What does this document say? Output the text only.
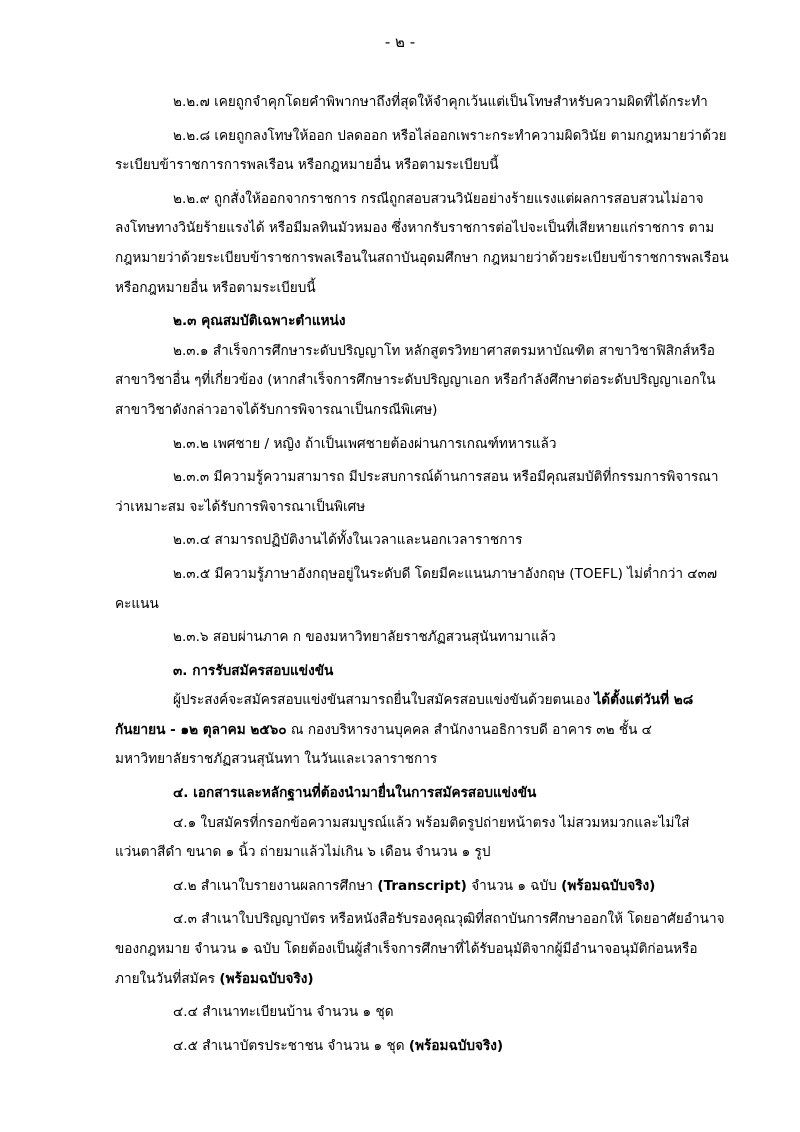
- ๒ -

๒.๒.๗ เคยถูกจำคุกโดยคำพิพากษาถึงที่สุดให้จำคุกเว้นแต่เป็นโทษสำหรับความผิดที่ได้กระทำ

๒.๒.๘ เคยถูกลงโทษให้ออก ปลดออก หรือไล่ออกเพราะกระทำความผิดวินัย ตามกฎหมายว่าด้วยระเบียบข้าราชการการพลเรือน หรือกฎหมายอื่น หรือตามระเบียบนี้

๒.๒.๙ ถูกสั่งให้ออกจากราชการ กรณีถูกสอบสวนวินัยอย่างร้ายแรงแต่ผลการสอบสวนไม่อาจลงโทษทางวินัยร้ายแรงได้ หรือมีมลทินมัวหมอง ซึ่งหากรับราชการต่อไปจะเป็นที่เสียหายแก่ราชการ ตามกฎหมายว่าด้วยระเบียบข้าราชการพลเรือนในสถาบันอุดมศึกษา กฎหมายว่าด้วยระเบียบข้าราชการพลเรือน หรือกฎหมายอื่น หรือตามระเบียบนี้

๒.๓ คุณสมบัติเฉพาะตำแหน่ง

๒.๓.๑ สำเร็จการศึกษาระดับปริญญาโท หลักสูตรวิทยาศาสตรมหาบัณฑิต สาขาวิชาฟิสิกส์หรือสาขาวิชาอื่น ๆที่เกี่ยวข้อง (หากสำเร็จการศึกษาระดับปริญญาเอก หรือกำลังศึกษาต่อระดับปริญญาเอกในสาขาวิชาดังกล่าวอาจได้รับการพิจารณาเป็นกรณีพิเศษ)

๒.๓.๒ เพศชาย / หญิง ถ้าเป็นเพศชายต้องผ่านการเกณฑ์ทหารแล้ว

๒.๓.๓ มีความรู้ความสามารถ มีประสบการณ์ด้านการสอน หรือมีคุณสมบัติที่กรรมการพิจารณาว่าเหมาะสม จะได้รับการพิจารณาเป็นพิเศษ

๒.๓.๔ สามารถปฏิบัติงานได้ทั้งในเวลาและนอกเวลาราชการ

๒.๓.๕ มีความรู้ภาษาอังกฤษอยู่ในระดับดี โดยมีคะแนนภาษาอังกฤษ (TOEFL) ไม่ต่ำกว่า ๔๓๗ คะแนน

๒.๓.๖ สอบผ่านภาค ก ของมหาวิทยาลัยราชภัฏสวนสุนันทามาแล้ว

๓. การรับสมัครสอบแข่งขัน

ผู้ประสงค์จะสมัครสอบแข่งขันสามารถยื่นใบสมัครสอบแข่งขันด้วยตนเอง ได้ตั้งแต่วันที่ ๒๘ กันยายน - ๑๒ ตุลาคม ๒๕๖๐ ณ กองบริหารงานบุคคล สำนักงานอธิการบดี อาคาร ๓๒ ชั้น ๔ มหาวิทยาลัยราชภัฏสวนสุนันทา ในวันและเวลาราชการ

๔. เอกสารและหลักฐานที่ต้องนำมายื่นในการสมัครสอบแข่งขัน

๔.๑ ใบสมัครที่กรอกข้อความสมบูรณ์แล้ว พร้อมติดรูปถ่ายหน้าตรง ไม่สวมหมวกและไม่ใส่แว่นตาสีดำ ขนาด ๑ นิ้ว ถ่ายมาแล้วไม่เกิน ๖ เดือน จำนวน ๑ รูป

๔.๒ สำเนาใบรายงานผลการศึกษา (Transcript) จำนวน ๑ ฉบับ (พร้อมฉบับจริง)

๔.๓ สำเนาใบปริญญาบัตร หรือหนังสือรับรองคุณวุฒิที่สถาบันการศึกษาออกให้ โดยอาศัยอำนาจของกฎหมาย จำนวน ๑ ฉบับ โดยต้องเป็นผู้สำเร็จการศึกษาที่ได้รับอนุมัติจากผู้มีอำนาจอนุมัติก่อนหรือภายในวันที่สมัคร (พร้อมฉบับจริง)

๔.๔ สำเนาทะเบียนบ้าน จำนวน ๑ ชุด

๔.๕ สำเนาบัตรประชาชน จำนวน ๑ ชุด (พร้อมฉบับจริง)
